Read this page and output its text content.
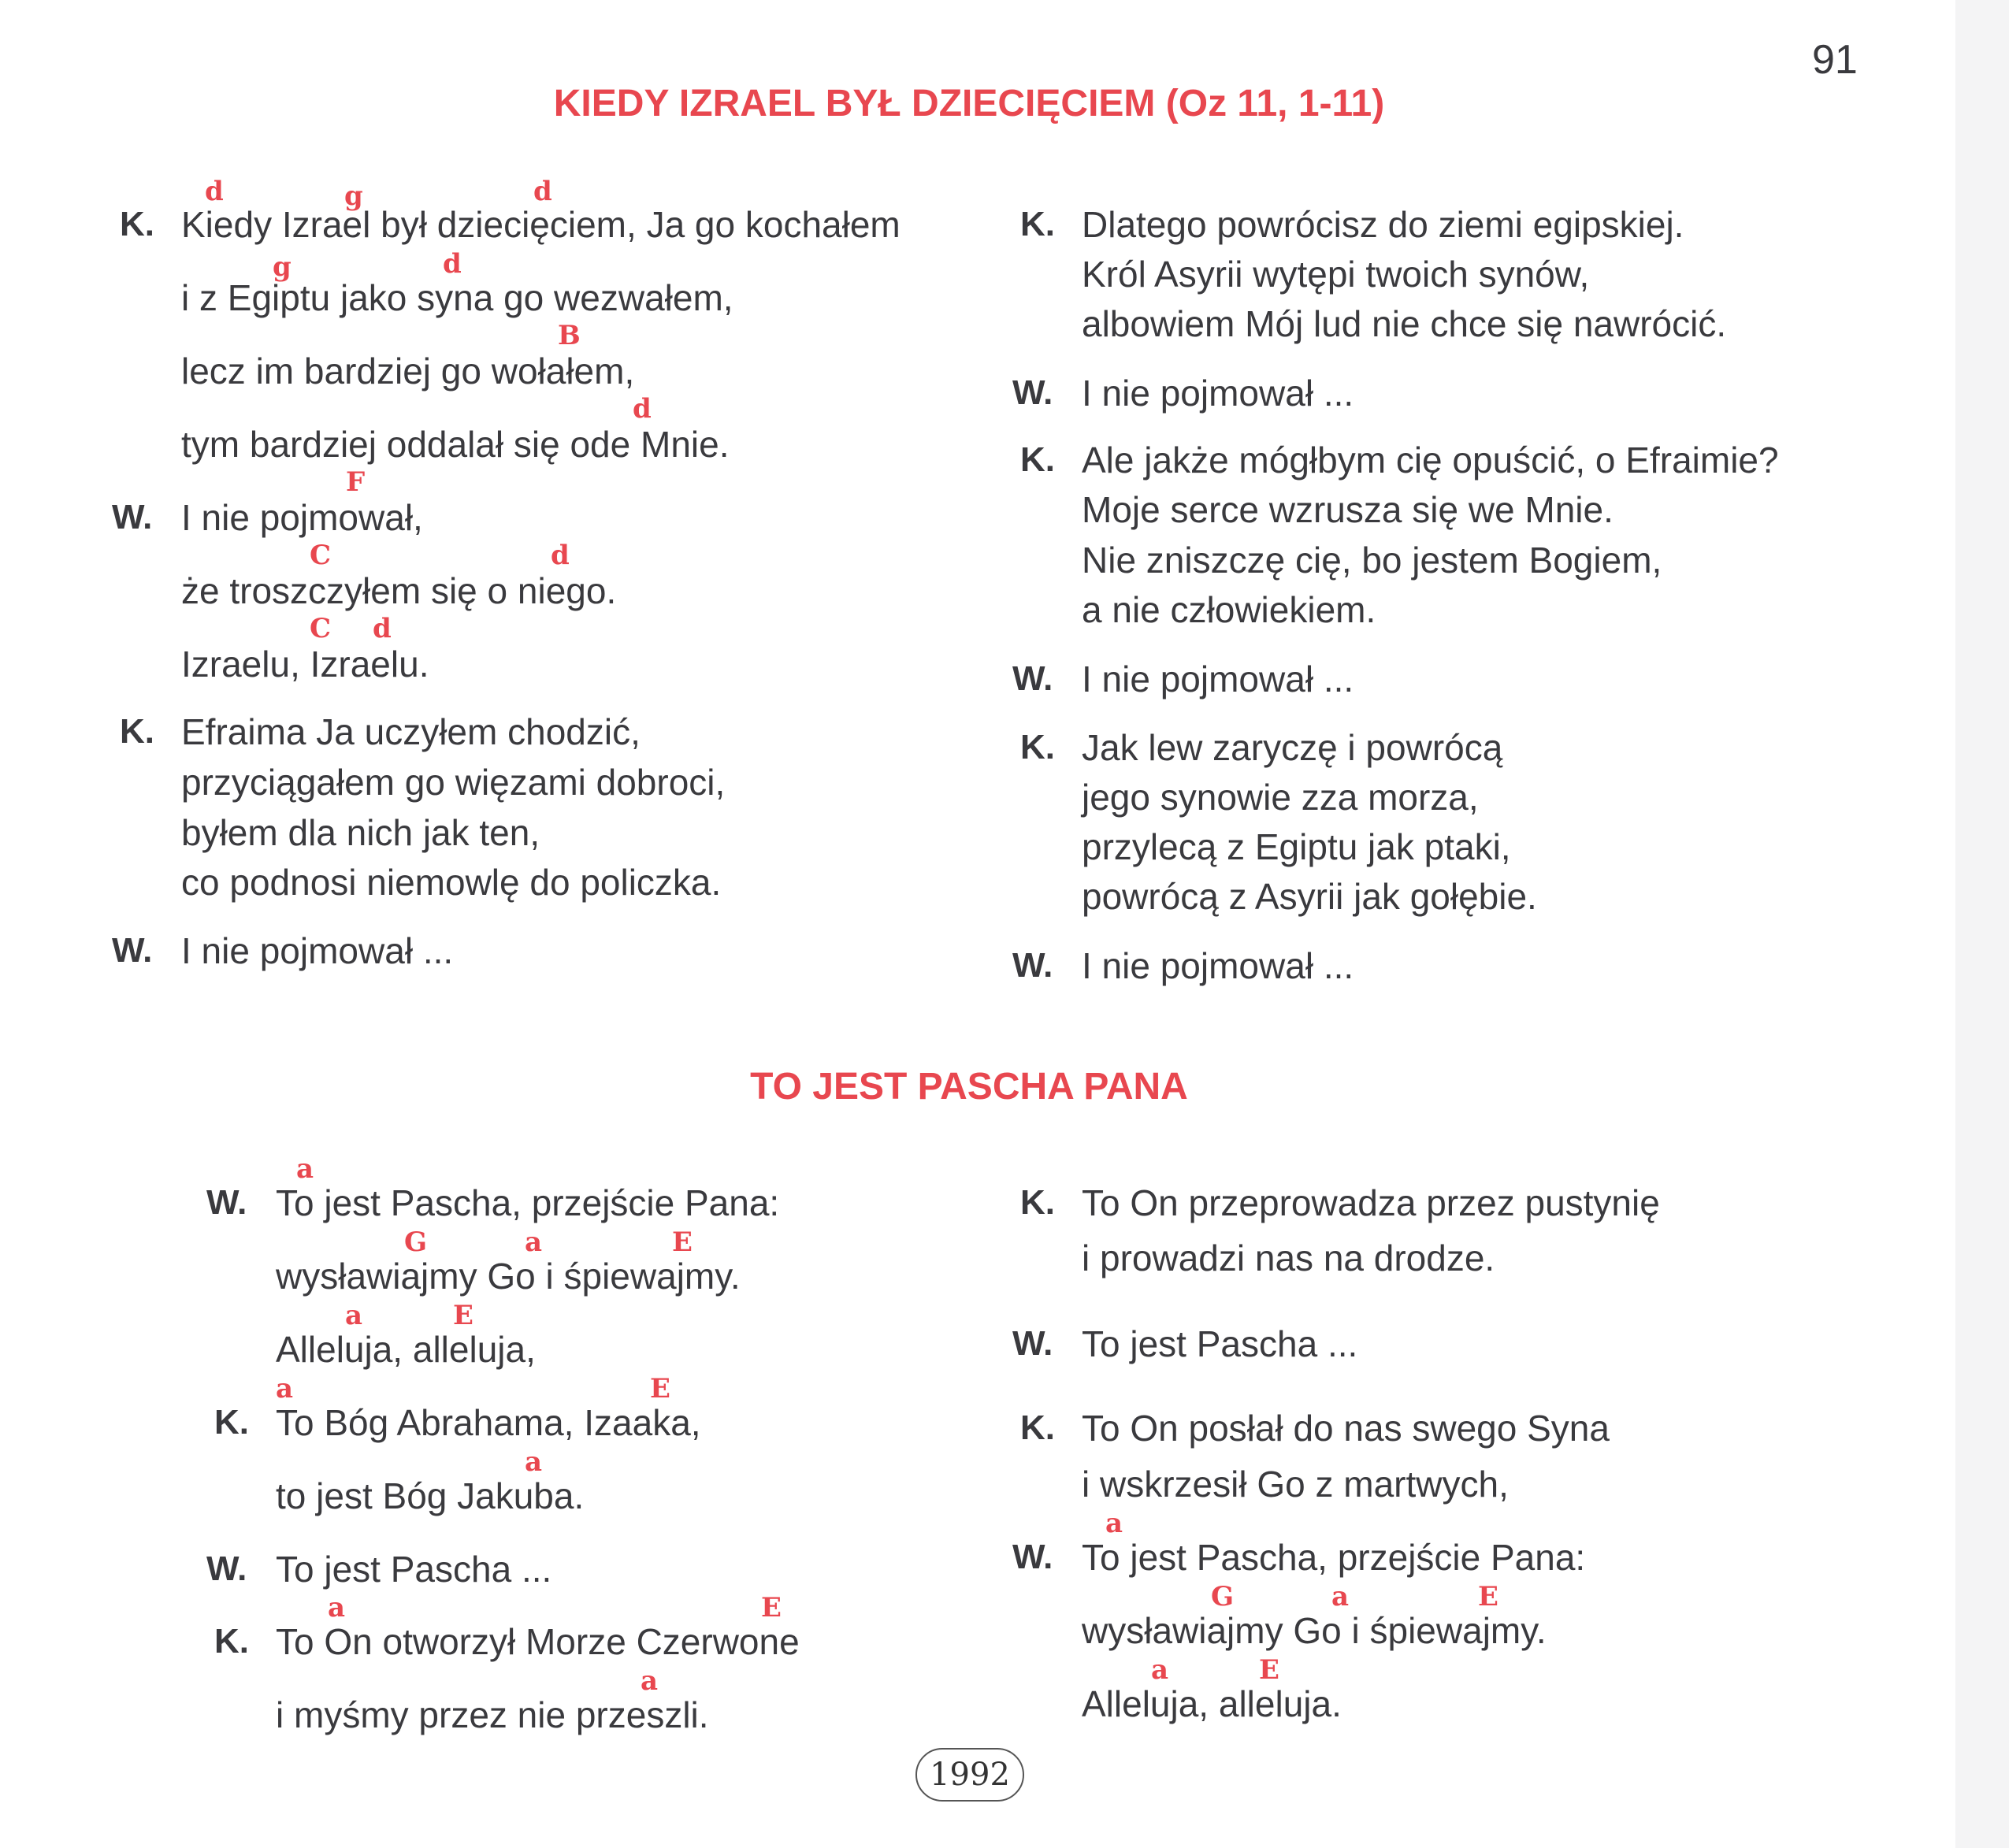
91
KIEDY IZRAEL BYŁ DZIECIĘCIEM (Oz 11, 1-11)
d	g	d
g	d
B
d
F
C	d
C d
K. Kiedy Izrael był dziecięciem, Ja go kochałem
i z Egiptu jako syna go wezwałem,
lecz im bardziej go wołałem,
tym bardziej oddalał się ode Mnie.
W. I nie pojmował,
że troszczyłem się o niego.
Izraelu, Izraelu.
K. Efraima Ja uczyłem chodzić,
przyciągałem go więzami dobroci,
byłem dla nich jak ten,
co podnosi niemowlę do policzka.
W. I nie pojmował ...
K. Dlatego powrócisz do ziemi egipskiej.
Król Asyrii wytępi twoich synów,
albowiem Mój lud nie chce się nawrócić.
W. I nie pojmował ...
K. Ale jakże mógłbym cię opuścić, o Efraimie?
Moje serce wzrusza się we Mnie.
Nie zniszczę cię, bo jestem Bogiem,
a nie człowiekiem.
W. I nie pojmował ...
K. Jak lew zaryczę i powrócą
jego synowie zza morza,
przylecą z Egiptu jak ptaki,
powrócą z Asyrii jak gołębie.
W. I nie pojmował ...
TO JEST PASCHA PANA
a
G	a	E
a	E
a	E
a
a	E
a
W. To jest Pascha, przejście Pana:
wysławiajmy Go i śpiewajmy.
Alleluja, alleluja,
K. To Bóg Abrahama, Izaaka,
to jest Bóg Jakuba.
W. To jest Pascha ...
K. To On otworzył Morze Czerwone
i myśmy przez nie przeszli.
a
G	a	E
a	E
K. To On przeprowadza przez pustynię
i prowadzi nas na drodze.
W. To jest Pascha ...
K. To On posłał do nas swego Syna
i wskrzesił Go z martwych,
W. To jest Pascha, przejście Pana:
wysławiajmy Go i śpiewajmy.
Alleluja, alleluja.
1992
